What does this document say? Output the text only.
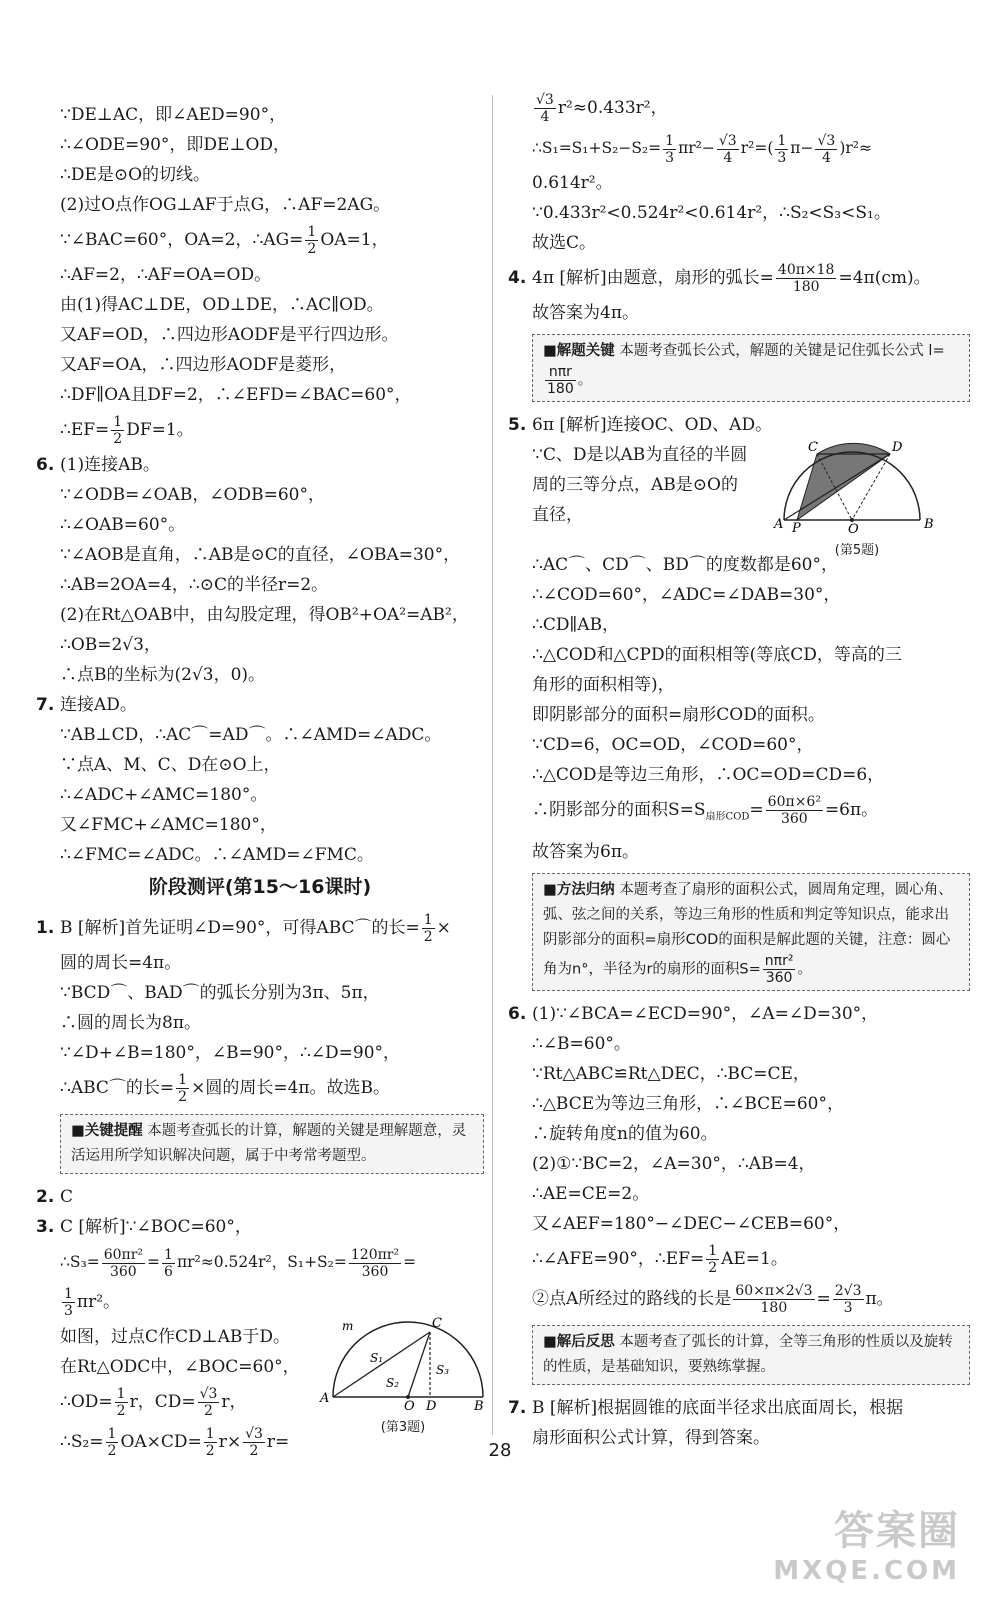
∵DE⊥AC，即∠AED=90°，

∴∠ODE=90°，即DE⊥OD，

∴DE是⊙O的切线。

(2)过O点作OG⊥AF于点G，∴AF=2AG。

∵∠BAC=60°，OA=2，∴AG= $\frac{1}{2} OA=1$，

∴AF=2，∴AF=OA=OD。

由(1)得AC⊥DE，OD⊥DE，∴AC∥OD。

又AF=OD，∴四边形AODF是平行四边形。

又AF=OA，∴四边形AODF是菱形，

∴DF∥OA且DF=2，∴∠EFD=∠BAC=60°，

∴EF= $\frac{1}{2} DF=1$。

6. (1)连接AB。

∵∠ODB=∠OAB，∠ODB=60°，

∴∠OAB=60°。

∵∠AOB是直角，∴AB是⊙C的直径，∠OBA=30°，

∴AB=2OA=4，∴⊙C的半径r=2。

(2)在Rt△OAB中，由勾股定理，得OB²+OA²=AB²，

∴OB=2√3，

∴点B的坐标为(2√3，0)。

7. 连接AD。

∵AB⊥CD，∴AC⌒=AD⌒。∴∠AMD=∠ADC。

∵点A、M、C、D在⊙O上，

∴∠ADC+∠AMC=180°。

又∠FMC+∠AMC=180°，

∴∠FMC=∠ADC。∴∠AMD=∠FMC。

阶段测评(第15～16课时)

1. B [解析]首先证明∠D=90°，可得ABC⌒的长= $\frac{1}{2}$ ×

圆的周长=4π。

∵BCD⌒、BAD⌒的弧长分别为3π、5π，

∴圆的周长为8π。

∵∠D+∠B=180°，∠B=90°，∴∠D=90°，

∴ABC⌒的长= $\frac{1}{2}$ ×圆的周长=4π。故选B。

■关键提醒 本题考查弧长的计算，解题的关键是理解题意，灵活运用所学知识解决问题，属于中考常考题型。

2. C

3. C [解析]∵∠BOC=60°，

∴S₃= $\frac{\text{60πr²}}{360} = \frac{1}{6} \pi r^2\approx 0.524r^2$，$S_1+S_2= \frac{\text{120πr²}}{360}$ =

$\frac{1}{3} \pi r^2$。

如图，过点C作CD⊥AB于D。

在Rt△ODC中，∠BOC=60°，

∴OD= $\frac{1}{2}$ r，$CD= \frac{√3}{2}$ r，

∴S₂= $\frac{1}{2} OA\times CD= \frac{1}{2} r\times \frac{√3}{2} r=$

m	C
S₁
S₂
S₃
A
O D	B
(第3题)

$\frac{√3}{4} r^2\approx 0.433r^2$，

∴S₁=S₁+S₂−S₂= $\frac{1}{3} \pi r^2- \frac{√3}{4} r^2=( \frac{1}{3} \pi- \frac{√3}{4} )r^2\approx$

0.614r²。

∵0.433r²<0.524r²<0.614r²，∴S₂<S₃<S₁。

故选C。

4. 4π [解析]由题意，扇形的弧长= $\frac{40\pi\times 18}{180} =4\pi(cm)$。

故答案为4π。

■解题关键 本题考查弧长公式，解题的关键是记住弧长公式 l=
$\frac{\text{nπr}}{180}$ 。

5. 6π [解析]连接OC、OD、AD。

∵C、D是以AB为直径的半圆

周的三等分点，AB是⊙O的

直径，

∴AC⌒、CD⌒、BD⌒的度数都是60°，

∴∠COD=60°，∠ADC=∠DAB=30°，

∴CD∥AB，

∴△COD和△CPD的面积相等(等底CD，等高的三

角形的面积相等)，

即阴影部分的面积=扇形COD的面积。

∵CD=6，OC=OD，∠COD=60°，

∴△COD是等边三角形，∴OC=OD=CD=6，

∴阴影部分的面积$S=S_{扇形COD}= \frac{\text{60π×6²}}{360} =6\pi$。

故答案为6π。

■方法归纳 本题考查了扇形的面积公式，圆周角定理，圆心角、弧、弦之间的关系，等边三角形的性质和判定等知识点，能求出阴影部分的面积=扇形COD的面积是解此题的关键，注意：圆心角为n°，半径为r的扇形的面积$S= \frac{\text{nπr²}}{360}$ 。

6. (1)∵∠BCA=∠ECD=90°，∠A=∠D=30°，

∴∠B=60°。

∵Rt△ABC≌Rt△DEC，∴BC=CE，

∴△BCE为等边三角形，∴∠BCE=60°，

∴旋转角度n的值为60。

(2)①∵BC=2，∠A=30°，∴AB=4，

∴AE=CE=2。

又∠AEF=180°−∠DEC−∠CEB=60°，

∴∠AFE=90°，∴EF= $\frac{1}{2} AE=1$。

②点A所经过的路线的长是 $\frac{60\times\pi\times 2√3}{180} = \frac{2√3}{3}$ π。

■解后反思 本题考查了弧长的计算，全等三角形的性质以及旋转的性质，是基础知识，要熟练掌握。

7. B [解析]根据圆锥的底面半径求出底面周长，根据

扇形面积公式计算，得到答案。

C	D
A P	O	B
(第5题)
28
答案圈
MXQE.COM
